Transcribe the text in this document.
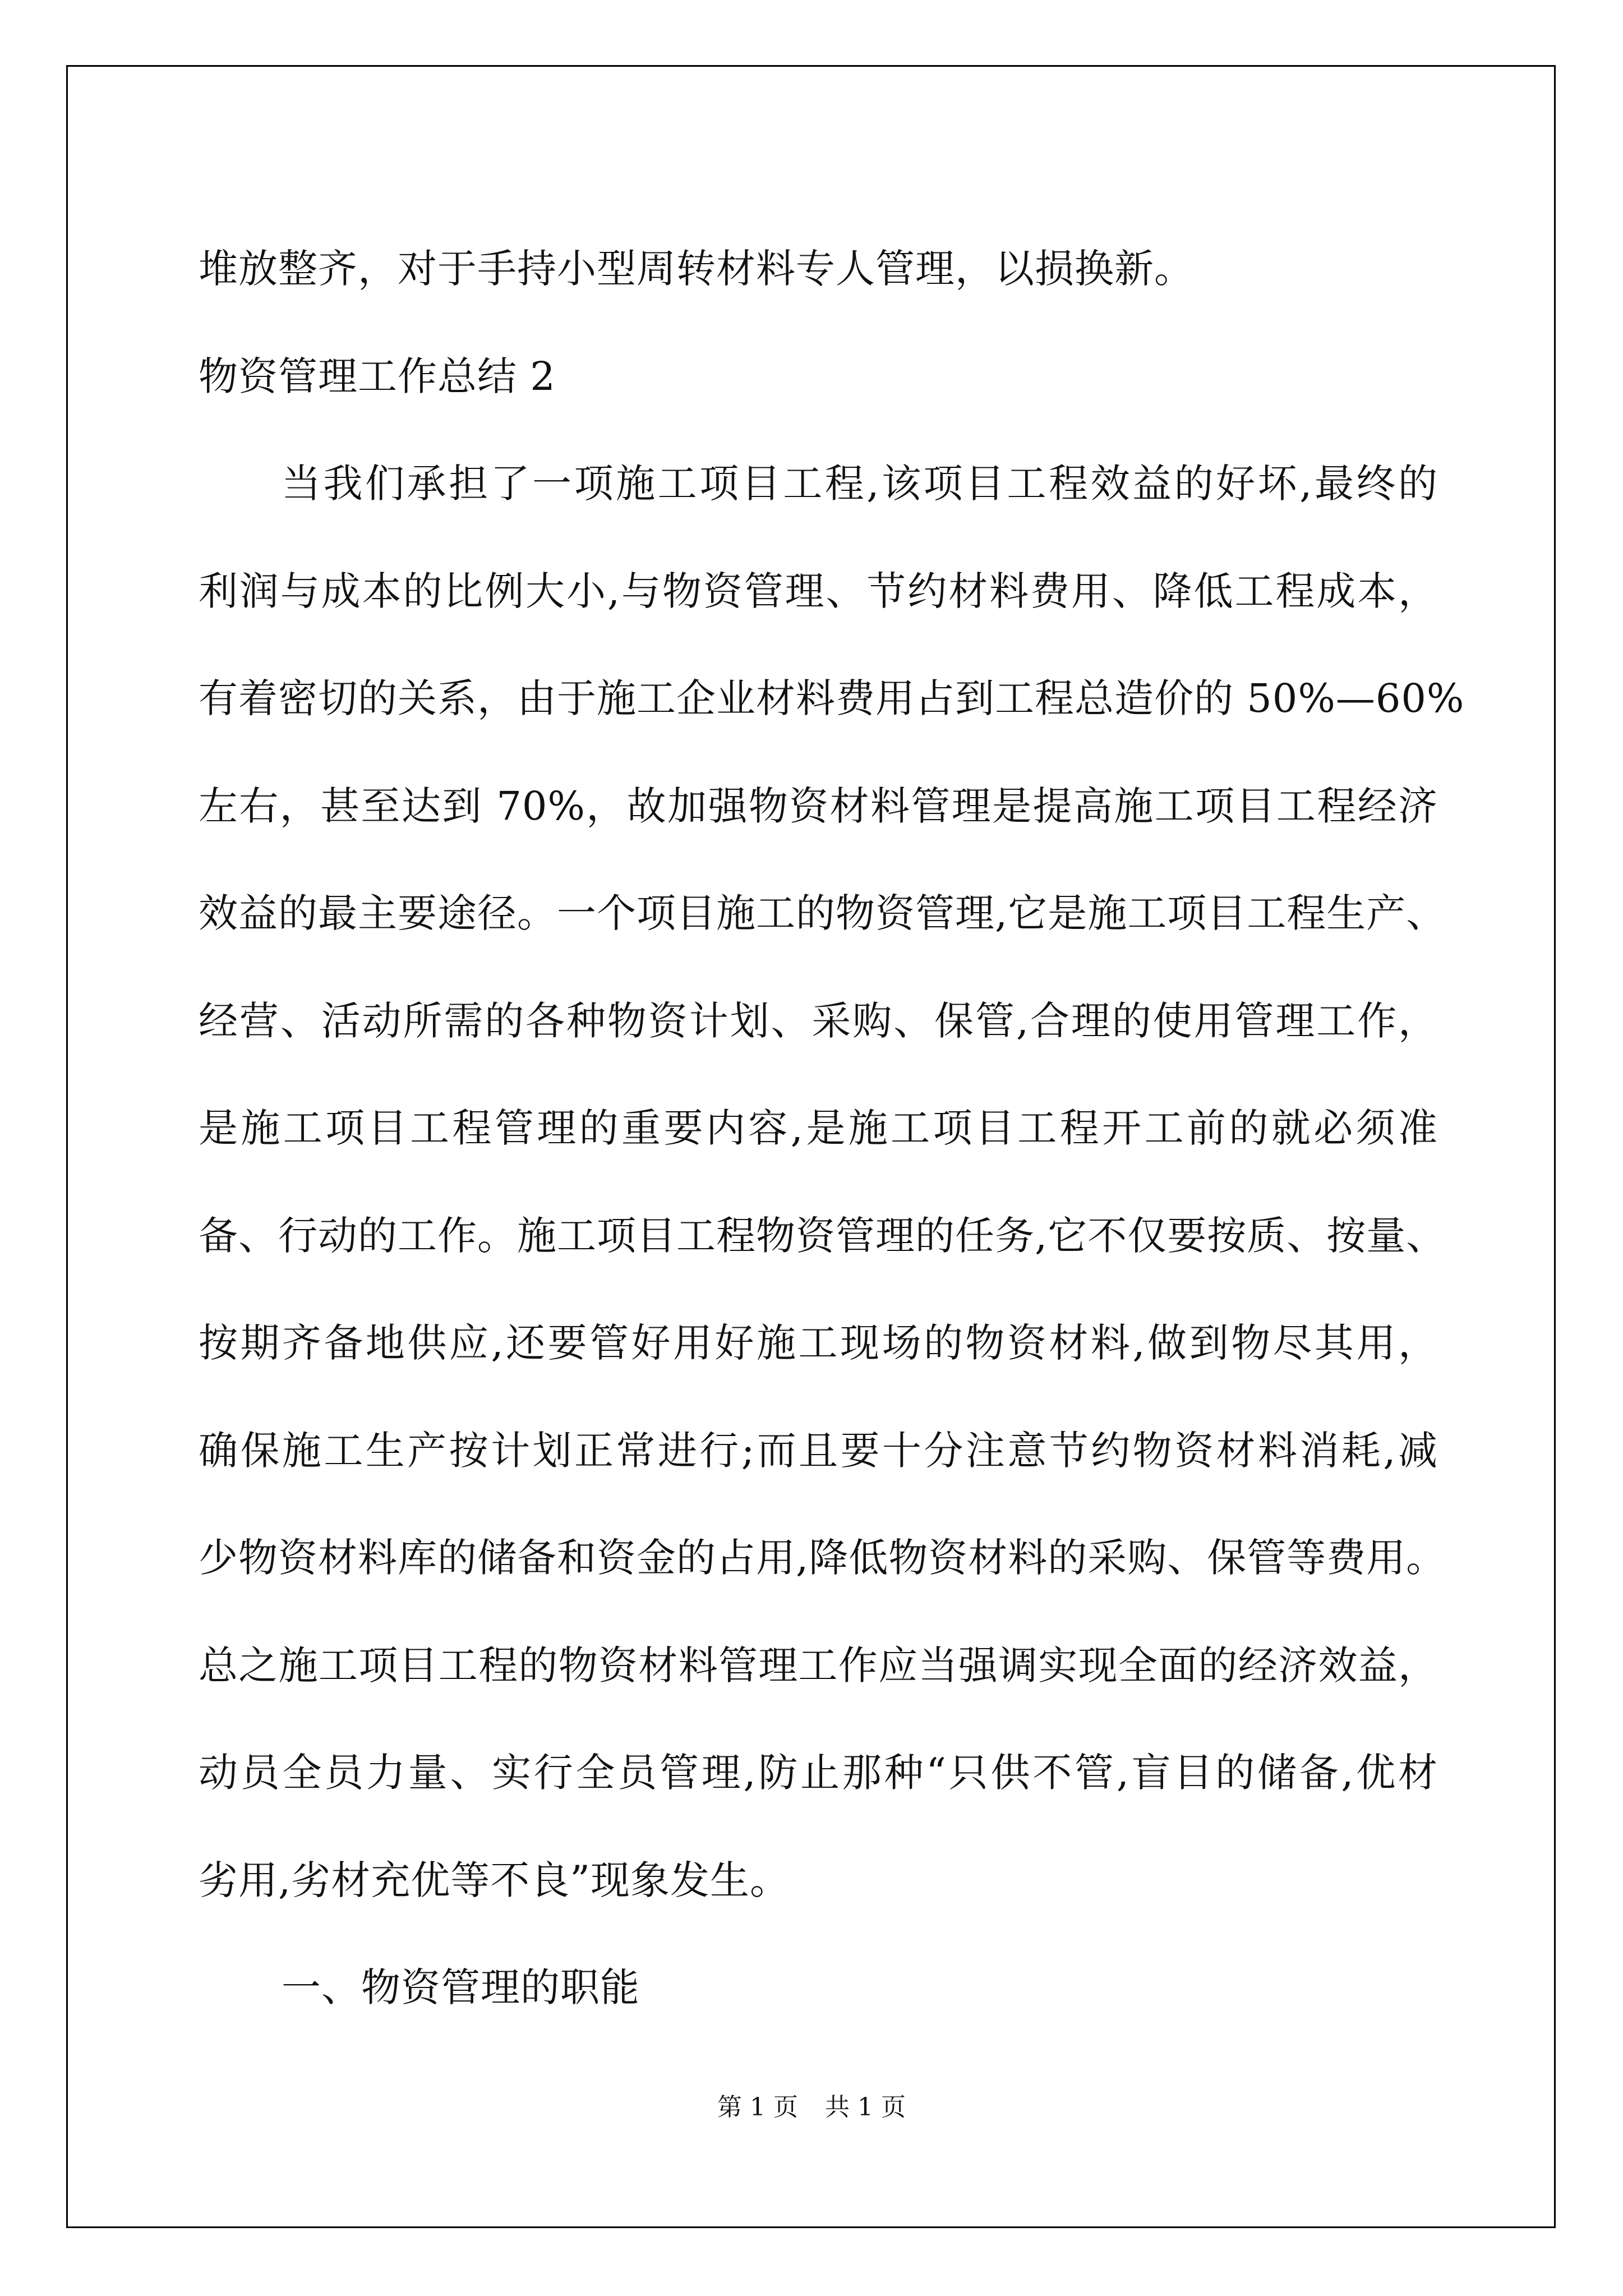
堆放整齐，对于手持小型周转材料专人管理，以损换新。
物资管理工作总结 2
当我们承担了一项施工项目工程,该项目工程效益的好坏,最终的
利润与成本的比例大小,与物资管理、节约材料费用、降低工程成本，
有着密切的关系，由于施工企业材料费用占到工程总造价的 50%—60%
左右，甚至达到 70%，故加强物资材料管理是提高施工项目工程经济
效益的最主要途径。一个项目施工的物资管理,它是施工项目工程生产、
经营、活动所需的各种物资计划、采购、保管,合理的使用管理工作，
是施工项目工程管理的重要内容,是施工项目工程开工前的就必须准
备、行动的工作。施工项目工程物资管理的任务,它不仅要按质、按量、
按期齐备地供应,还要管好用好施工现场的物资材料,做到物尽其用，
确保施工生产按计划正常进行;而且要十分注意节约物资材料消耗,减
少物资材料库的储备和资金的占用,降低物资材料的采购、保管等费用。
总之施工项目工程的物资材料管理工作应当强调实现全面的经济效益，
动员全员力量、实行全员管理,防止那种“只供不管,盲目的储备,优材
劣用,劣材充优等不良”现象发生。
一、物资管理的职能
第 1 页 共 1 页
